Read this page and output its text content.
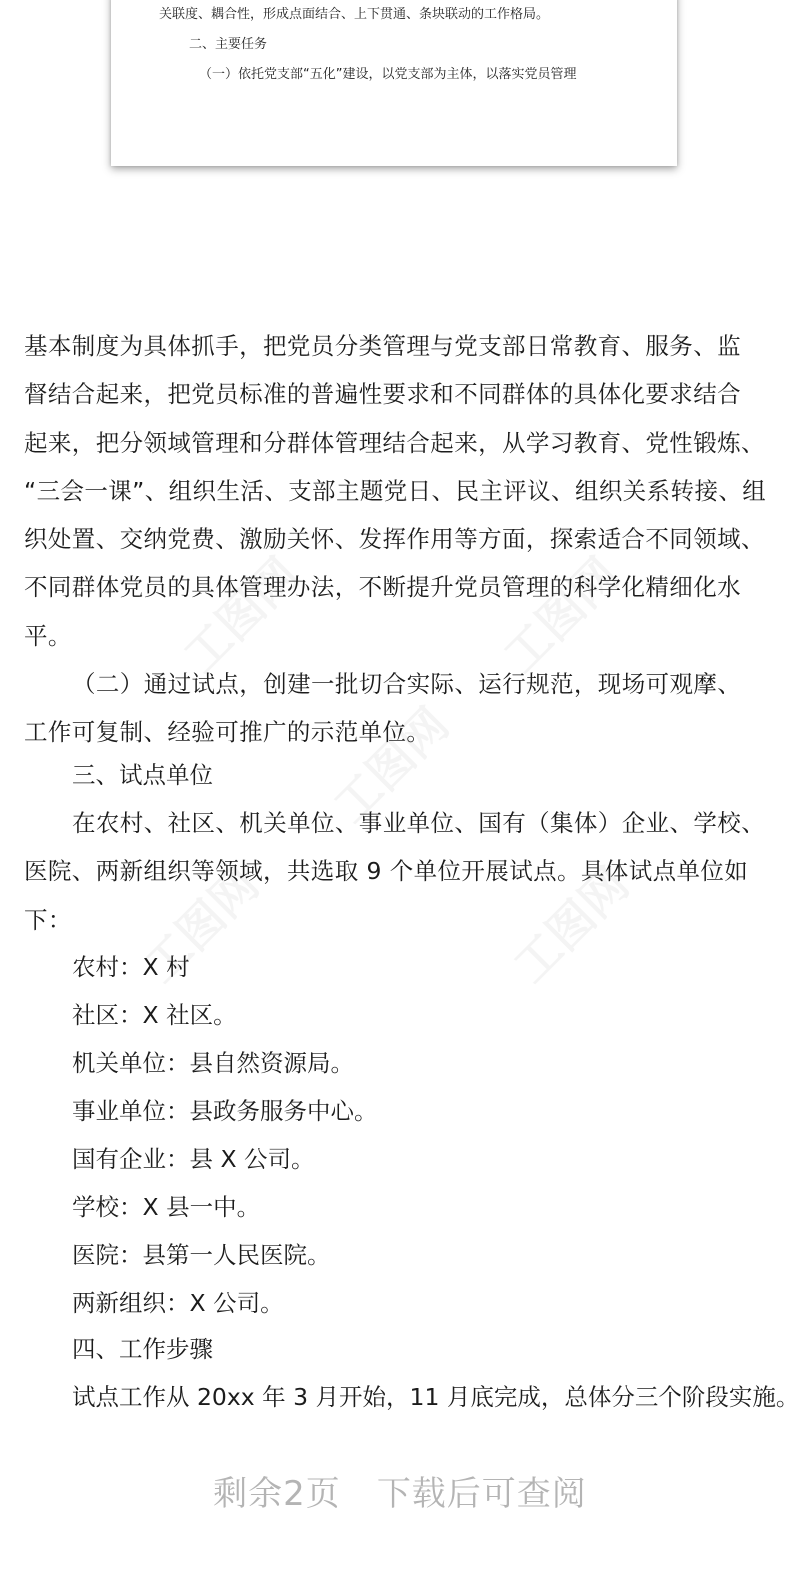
关联度、耦合性，形成点面结合、上下贯通、条块联动的工作格局。
二、主要任务
（一）依托党支部“五化”建设，以党支部为主体，以落实党员管理

基本制度为具体抓手，把党员分类管理与党支部日常教育、服务、监
督结合起来，把党员标准的普遍性要求和不同群体的具体化要求结合
起来，把分领域管理和分群体管理结合起来，从学习教育、党性锻炼、
“三会一课”、组织生活、支部主题党日、民主评议、组织关系转接、组
织处置、交纳党费、激励关怀、发挥作用等方面，探索适合不同领域、
不同群体党员的具体管理办法，不断提升党员管理的科学化精细化水
平。

（二）通过试点，创建一批切合实际、运行规范，现场可观摩、
工作可复制、经验可推广的示范单位。

三、试点单位

在农村、社区、机关单位、事业单位、国有（集体）企业、学校、
医院、两新组织等领域，共选取 9 个单位开展试点。具体试点单位如
下：

农村：X 村
社区：X 社区。
机关单位：县自然资源局。
事业单位：县政务服务中心。
国有企业：县 X 公司。
学校：X 县一中。
医院：县第一人民医院。
两新组织：X 公司。
四、工作步骤
试点工作从 20xx 年 3 月开始，11 月底完成，总体分三个阶段实施。
剩余2页 下载后可查阅
